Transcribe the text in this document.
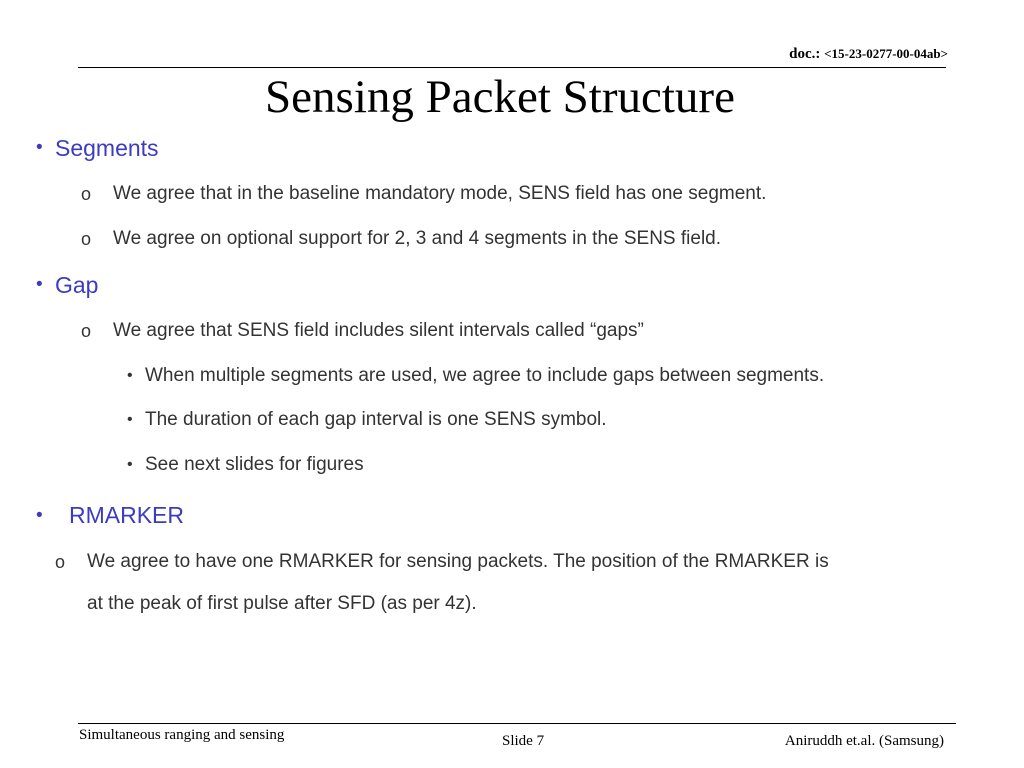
doc.: <15-23-0277-00-04ab>
Sensing Packet Structure
• Segments
o We agree that in the baseline mandatory mode, SENS field has one segment.
o We agree on optional support for 2, 3 and 4 segments in the SENS field.
• Gap
o We agree that SENS field includes silent intervals called “gaps”
• When multiple segments are used, we agree to include gaps between segments.
• The duration of each gap interval is one SENS symbol.
• See next slides for figures
• RMARKER
o We agree to have one RMARKER for sensing packets. The position of the RMARKER is
at the peak of first pulse after SFD (as per 4z).
Simultaneous ranging and sensing	Slide 7	Aniruddh et.al. (Samsung)
